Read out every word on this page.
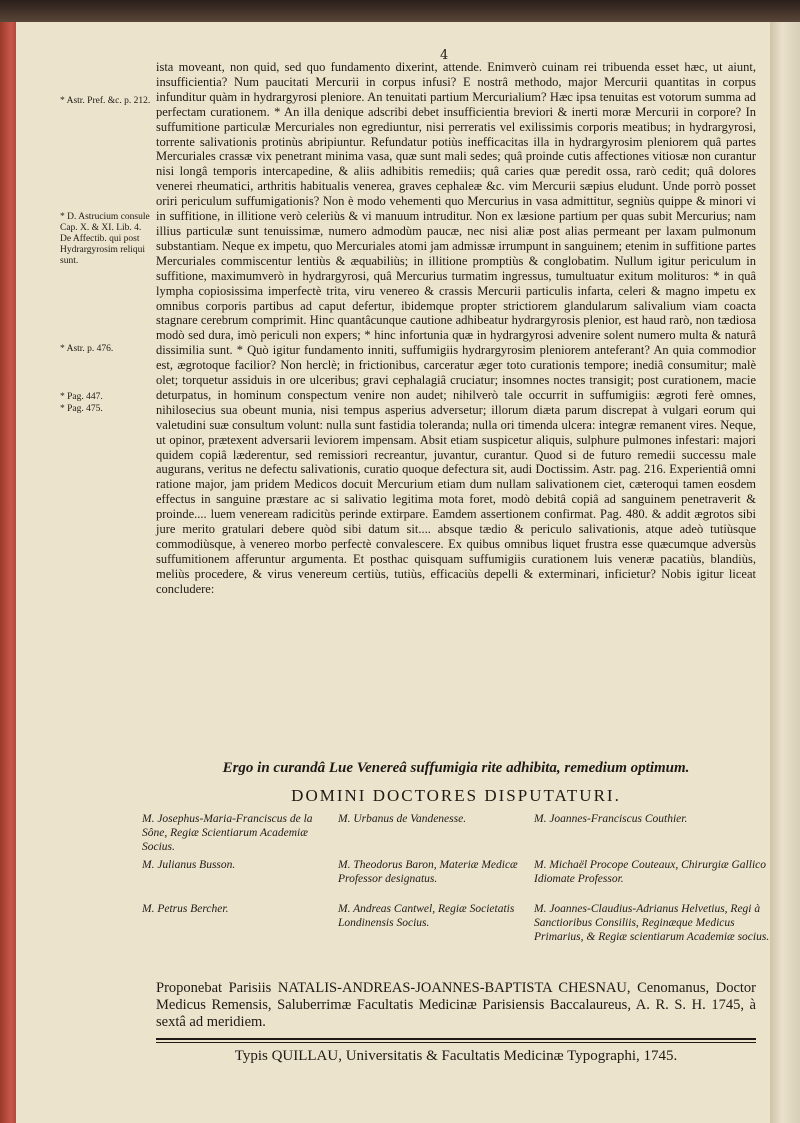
4
* Astr. Pref. &c. p. 212.
* D. Astrucium consule Cap. X. & XI. Lib. 4. De Affectib. qui post Hydrargyrosim reliqui sunt.
* Astr. p. 476.
* Pag. 447.
* Pag. 475.

ista moveant, non quid, sed quo fundamento dixerint, attende. Enimverò cuinam rei tribuenda esset hæc, ut aiunt, insufficientia? Num paucitati Mercurii in corpus infusi? E nostrâ methodo, major Mercurii quantitas in corpus infunditur quàm in hydrargyrosi pleniore. An tenuitati partium Mercurialium? Hæc ipsa tenuitas est votorum summa ad perfectam curationem. * An illa denique adscribi debet insufficientia breviori & inerti moræ Mercurii in corpore? In suffumitione particulæ Mercuriales non egrediuntur, nisi perreratis vel exilissimis corporis meatibus; in hydrargyrosi, torrente salivationis protinùs abripiuntur. Refundatur potiùs inefficacitas illa in hydrargyrosim pleniorem quâ partes Mercuriales crassæ vix penetrant minima vasa, quæ sunt mali sedes; quâ proinde cutis affectiones vitiosæ non curantur nisi longâ temporis intercapedine, & aliis adhibitis remediis; quâ caries quæ peredit ossa, rarò cedit; quâ dolores venerei rheumatici, arthritis habitualis venerea, graves cephaleæ &c. vim Mercurii sæpius eludunt. Unde porrò posset oriri periculum suffumigationis? Non è modo vehementi quo Mercurius in vasa admittitur, segniùs quippe & minori vi in suffitione, in illitione verò celeriùs & vi manuum intruditur. Non ex læsione partium per quas subit Mercurius; nam illius particulæ sunt tenuissimæ, numero admodùm paucæ, nec nisi aliæ post alias permeant per laxam pulmonum substantiam. Neque ex impetu, quo Mercuriales atomi jam admissæ irrumpunt in sanguinem; etenim in suffitione partes Mercuriales commiscentur lentiùs & æquabiliùs; in illitione promptiùs & conglobatim. Nullum igitur periculum in suffitione, maximumverò in hydrargyrosi, quâ Mercurius turmatim ingressus, tumultuatur exitum molituros: * in quâ lympha copiosissima imperfectè trita, viru venereo & crassis Mercurii particulis infarta, celeri & magno impetu ex omnibus corporis partibus ad caput defertur, ibidemque propter strictiorem glandularum salivalium viam coacta stagnare cerebrum comprimit. Hinc quantâcunque cautione adhibeatur hydrargyrosis plenior, est haud rarò, non tædiosa modò sed dura, imò periculi non expers; * hinc infortunia quæ in hydrargyrosi advenire solent numero multa & naturâ dissimilia sunt. * Quò igitur fundamento inniti, suffumigiis hydrargyrosim pleniorem anteferant? An quia commodior est, ægrotoque facilior? Non herclè; in frictionibus, carceratur æger toto curationis tempore; inediâ consumitur; malè olet; torquetur assiduis in ore ulceribus; gravi cephalagiâ cruciatur; insomnes noctes transigit; post curationem, macie deturpatus, in hominum conspectum venire non audet; nihilverò tale occurrit in suffumigiis: ægroti ferè omnes, nihilosecius sua obeunt munia, nisi tempus asperius adversetur; illorum diæta parum discrepat à vulgari eorum qui valetudini suæ consultum volunt: nulla sunt fastidia toleranda; nulla ori timenda ulcera: integræ remanent vires. Neque, ut opinor, prætexent adversarii leviorem impensam. Absit etiam suspicetur aliquis, sulphure pulmones infestari: majori quidem copiâ læderentur, sed remissiori recreantur, juvantur, curantur. Quod si de futuro remedii successu male augurans, veritus ne defectu salivationis, curatio quoque defectura sit, audi Doctissim. Astr. pag. 216. Experientiâ omni ratione major, jam pridem Medicos docuit Mercurium etiam dum nullam salivationem ciet, cæteroqui tamen eosdem effectus in sanguine præstare ac si salivatio legitima mota foret, modò debitâ copiâ ad sanguinem penetraverit & proinde.... luem veneream radicitùs perinde extirpare. Eamdem assertionem confirmat. Pag. 480. & addit ægrotos sibi jure merito gratulari debere quòd sibi datum sit.... absque tædio & periculo salivationis, atque adeò tutiùsque commodiùsque, à venereo morbo perfectè convalescere. Ex quibus omnibus liquet frustra esse quæcumque adversùs suffumitionem afferuntur argumenta. Et posthac quisquam suffumigiis curationem luis veneræ pacatiùs, blandiùs, meliùs procedere, & virus venereum certiùs, tutiùs, efficaciùs depelli & exterminari, inficietur? Nobis igitur liceat concludere:

Ergo in curandâ Lue Venereâ suffumigia rite adhibita, remedium optimum.
DOMINI DOCTORES DISPUTATURI.
M. Josephus-Maria-Franciscus de la Sône, Regiæ Scientiarum Academiæ Socius.
M. Julianus Busson.
M. Petrus Bercher.
M. Urbanus de Vandenesse.
M. Theodorus Baron, Materiæ Medicæ Professor designatus.
M. Andreas Cantwel, Regiæ Societatis Londinensis Socius.
M. Joannes-Franciscus Couthier.
M. Michaël Procope Couteaux, Chirurgiæ Gallico Idiomate Professor.
M. Joannes-Claudius-Adrianus Helvetius, Regi à Sanctioribus Consiliis, Reginæque Medicus Primarius, & Regiæ scientiarum Academiæ socius.
Proponebat Parisiis NATALIS-ANDREAS-JOANNES-BAPTISTA CHESNAU, Cenomanus, Doctor Medicus Remensis, Saluberrimæ Facultatis Medicinæ Parisiensis Baccalaureus, A. R. S. H. 1745, à sextâ ad meridiem.
Typis QUILLAU, Universitatis & Facultatis Medicinæ Typographi, 1745.
